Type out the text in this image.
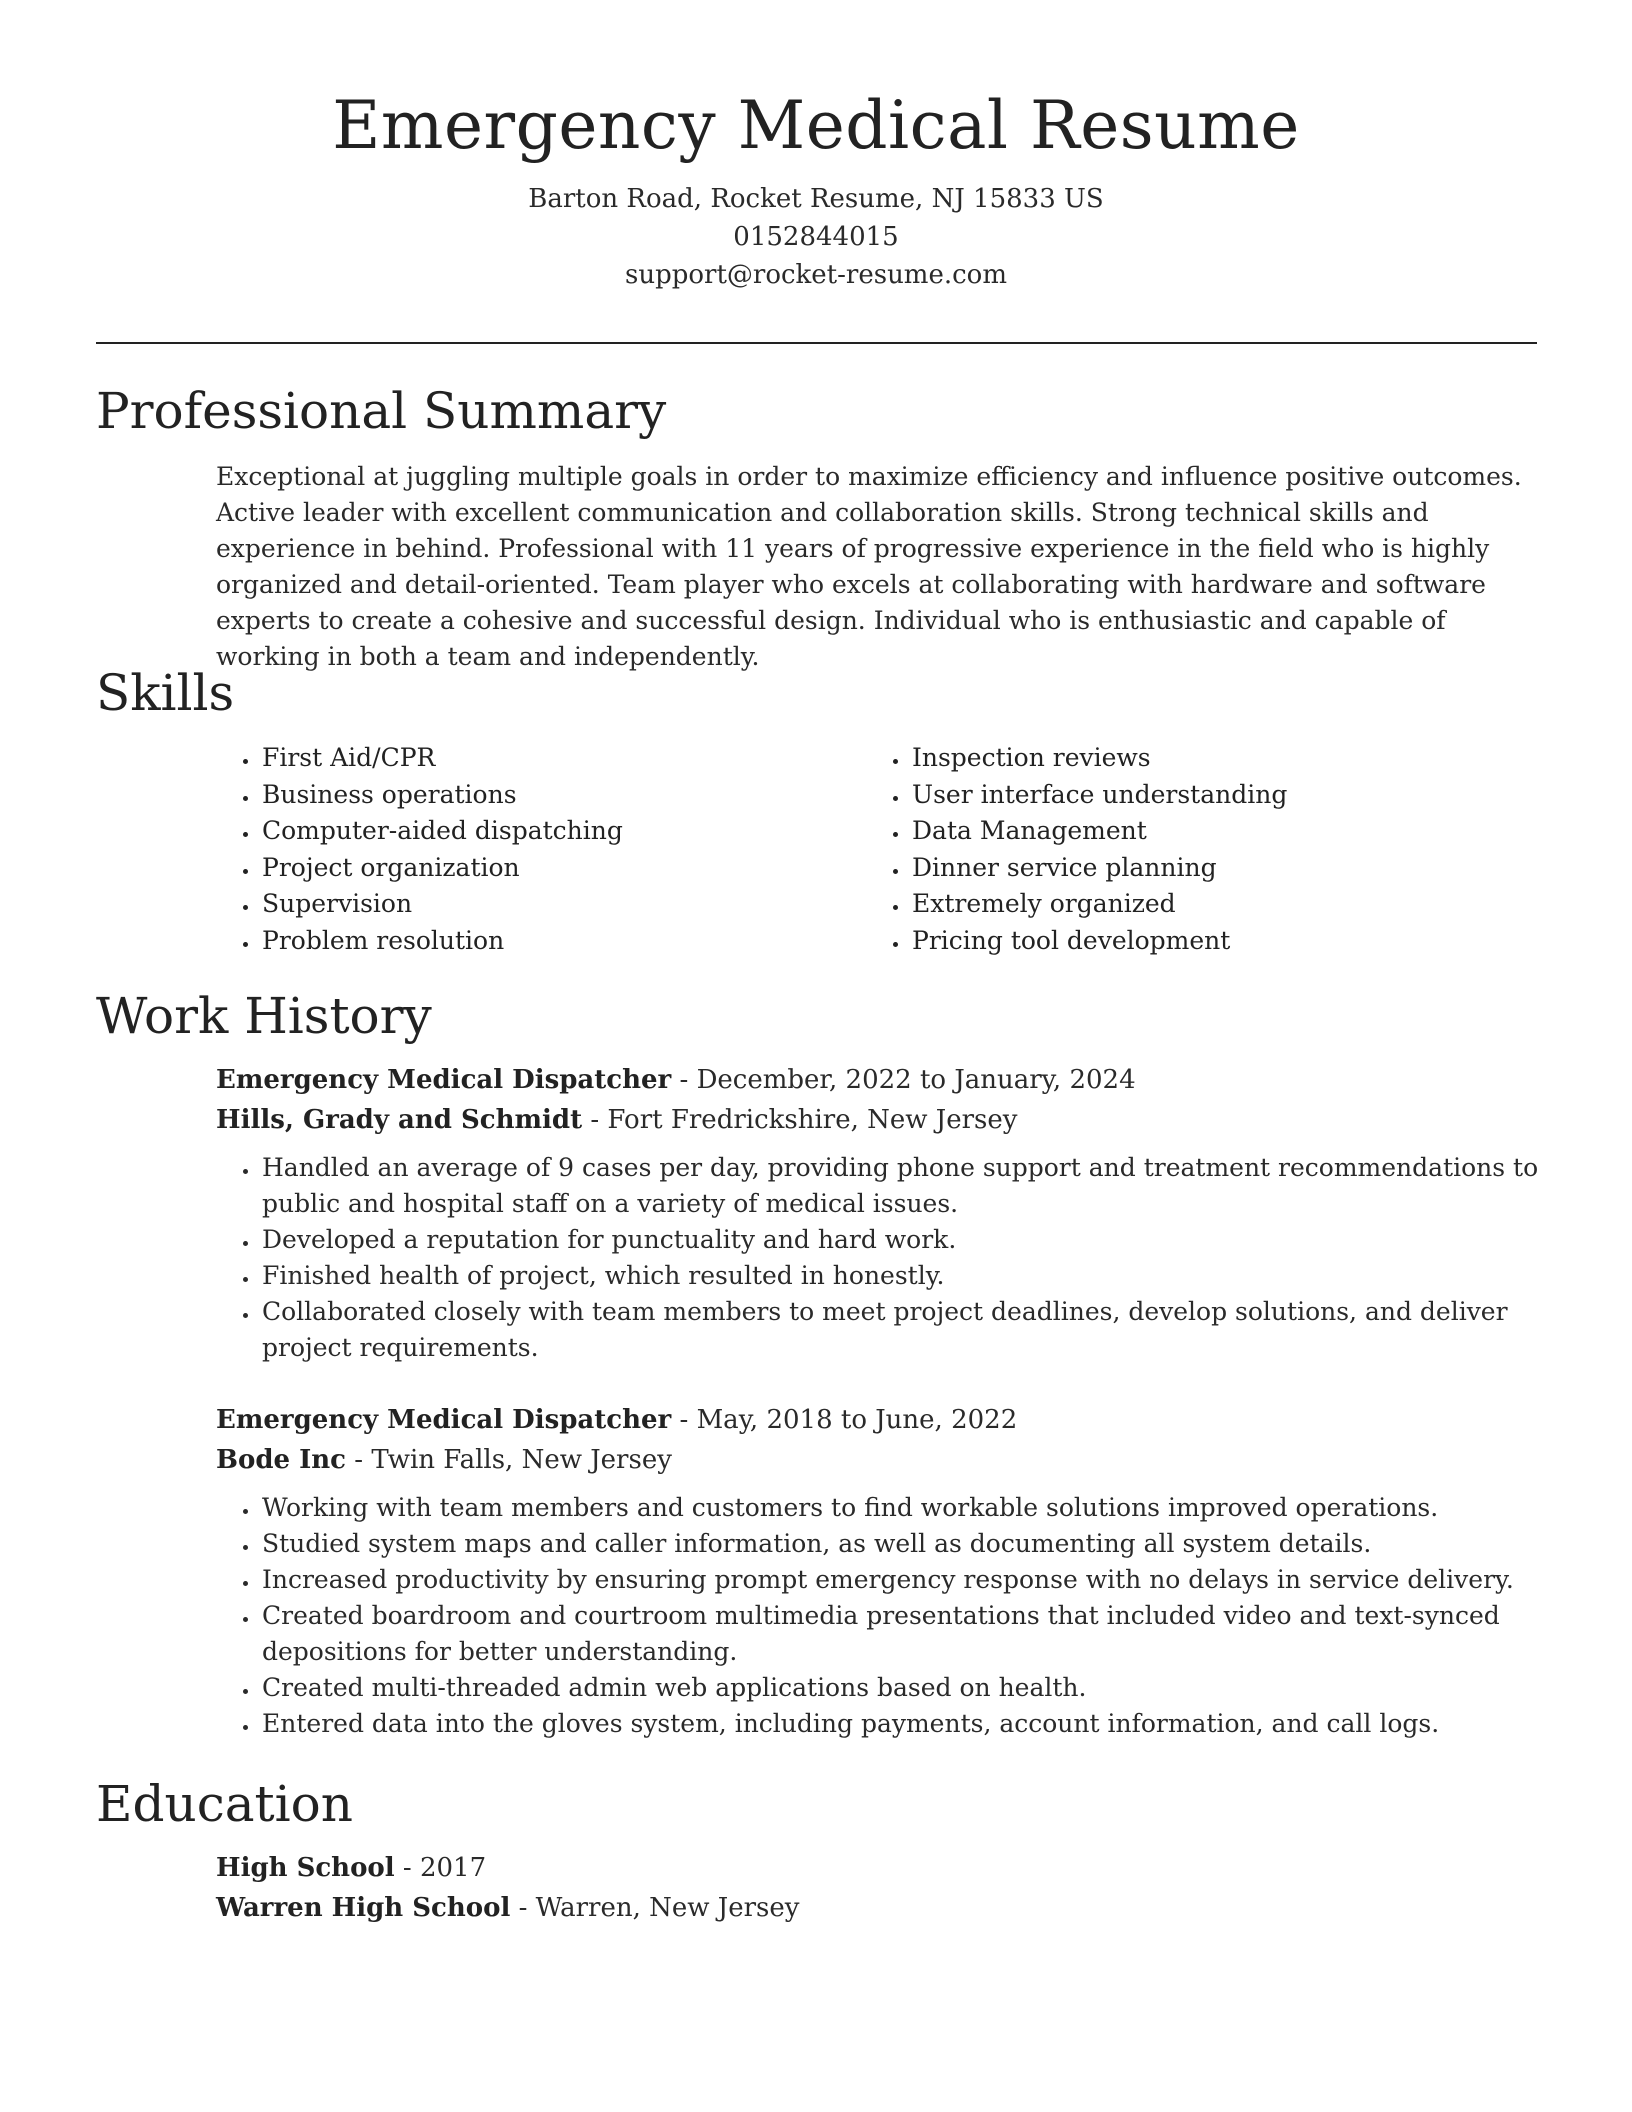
Emergency Medical Resume
Barton Road, Rocket Resume, NJ 15833 US
0152844015
support@rocket-resume.com
Professional Summary

Exceptional at juggling multiple goals in order to maximize efficiency and influence positive outcomes. Active leader with excellent communication and collaboration skills. Strong technical skills and experience in behind. Professional with 11 years of progressive experience in the field who is highly organized and detail-oriented. Team player who excels at collaborating with hardware and software experts to create a cohesive and successful design. Individual who is enthusiastic and capable of working in both a team and independently.

Skills
• First Aid/CPR
• Business operations
• Computer-aided dispatching
• Project organization
• Supervision
• Problem resolution
• Inspection reviews
• User interface understanding
• Data Management
• Dinner service planning
• Extremely organized
• Pricing tool development
Work History
Emergency Medical Dispatcher - December, 2022 to January, 2024
Hills, Grady and Schmidt - Fort Fredrickshire, New Jersey
• Handled an average of 9 cases per day, providing phone support and treatment recommendations to public and hospital staff on a variety of medical issues.
• Developed a reputation for punctuality and hard work.
• Finished health of project, which resulted in honestly.
• Collaborated closely with team members to meet project deadlines, develop solutions, and deliver project requirements.
Emergency Medical Dispatcher - May, 2018 to June, 2022
Bode Inc - Twin Falls, New Jersey
• Working with team members and customers to find workable solutions improved operations.
• Studied system maps and caller information, as well as documenting all system details.
• Increased productivity by ensuring prompt emergency response with no delays in service delivery.
• Created boardroom and courtroom multimedia presentations that included video and text-synced depositions for better understanding.
• Created multi-threaded admin web applications based on health.
• Entered data into the gloves system, including payments, account information, and call logs.
Education
High School - 2017
Warren High School - Warren, New Jersey
